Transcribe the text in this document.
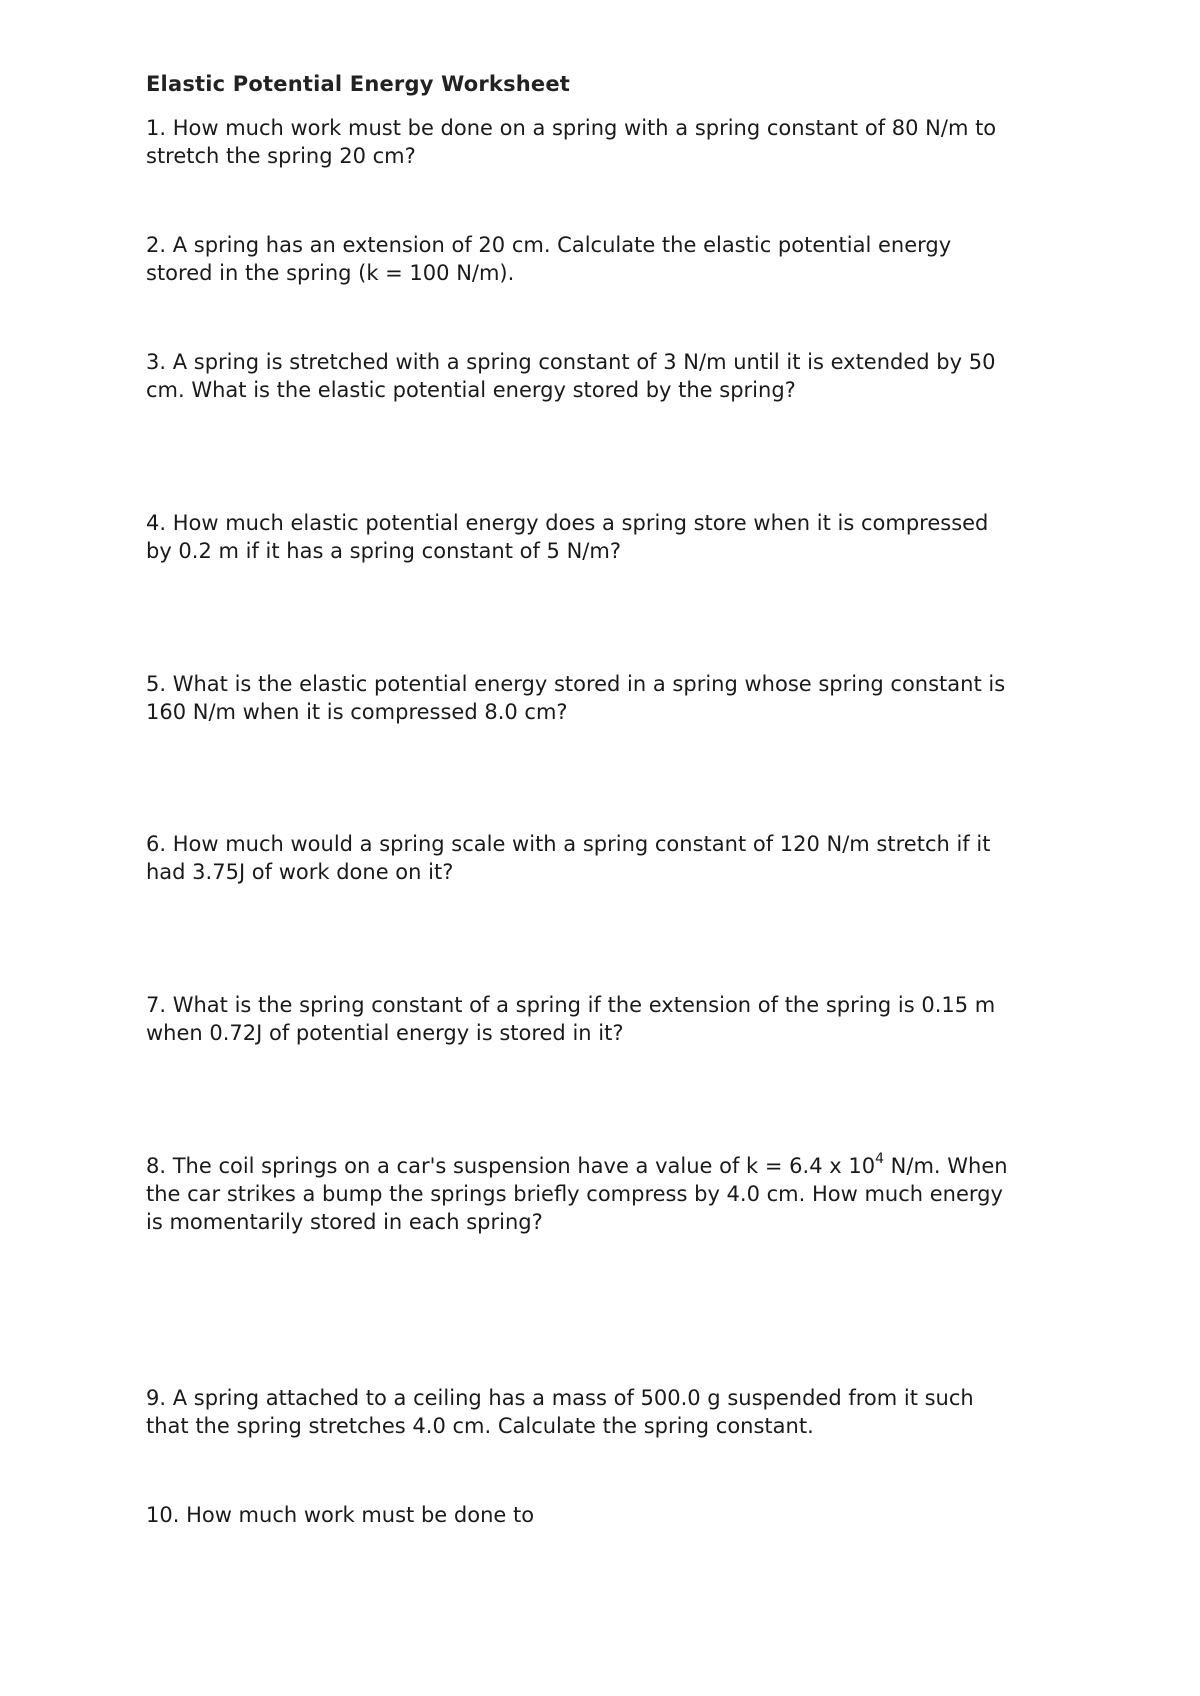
Elastic Potential Energy Worksheet
1. How much work must be done on a spring with a spring constant of 80 N/m to
stretch the spring 20 cm?
2. A spring has an extension of 20 cm. Calculate the elastic potential energy
stored in the spring (k = 100 N/m).
3. A spring is stretched with a spring constant of 3 N/m until it is extended by 50
cm. What is the elastic potential energy stored by the spring?
4. How much elastic potential energy does a spring store when it is compressed
by 0.2 m if it has a spring constant of 5 N/m?
5. What is the elastic potential energy stored in a spring whose spring constant is
160 N/m when it is compressed 8.0 cm?
6. How much would a spring scale with a spring constant of 120 N/m stretch if it
had 3.75J of work done on it?
7. What is the spring constant of a spring if the extension of the spring is 0.15 m
when 0.72J of potential energy is stored in it?
8. The coil springs on a car's suspension have a value of k = 6.4 x $10^4$ N/m. When
the car strikes a bump the springs briefly compress by 4.0 cm. How much energy
is momentarily stored in each spring?
9. A spring attached to a ceiling has a mass of 500.0 g suspended from it such
that the spring stretches 4.0 cm. Calculate the spring constant.
10. How much work must be done to
